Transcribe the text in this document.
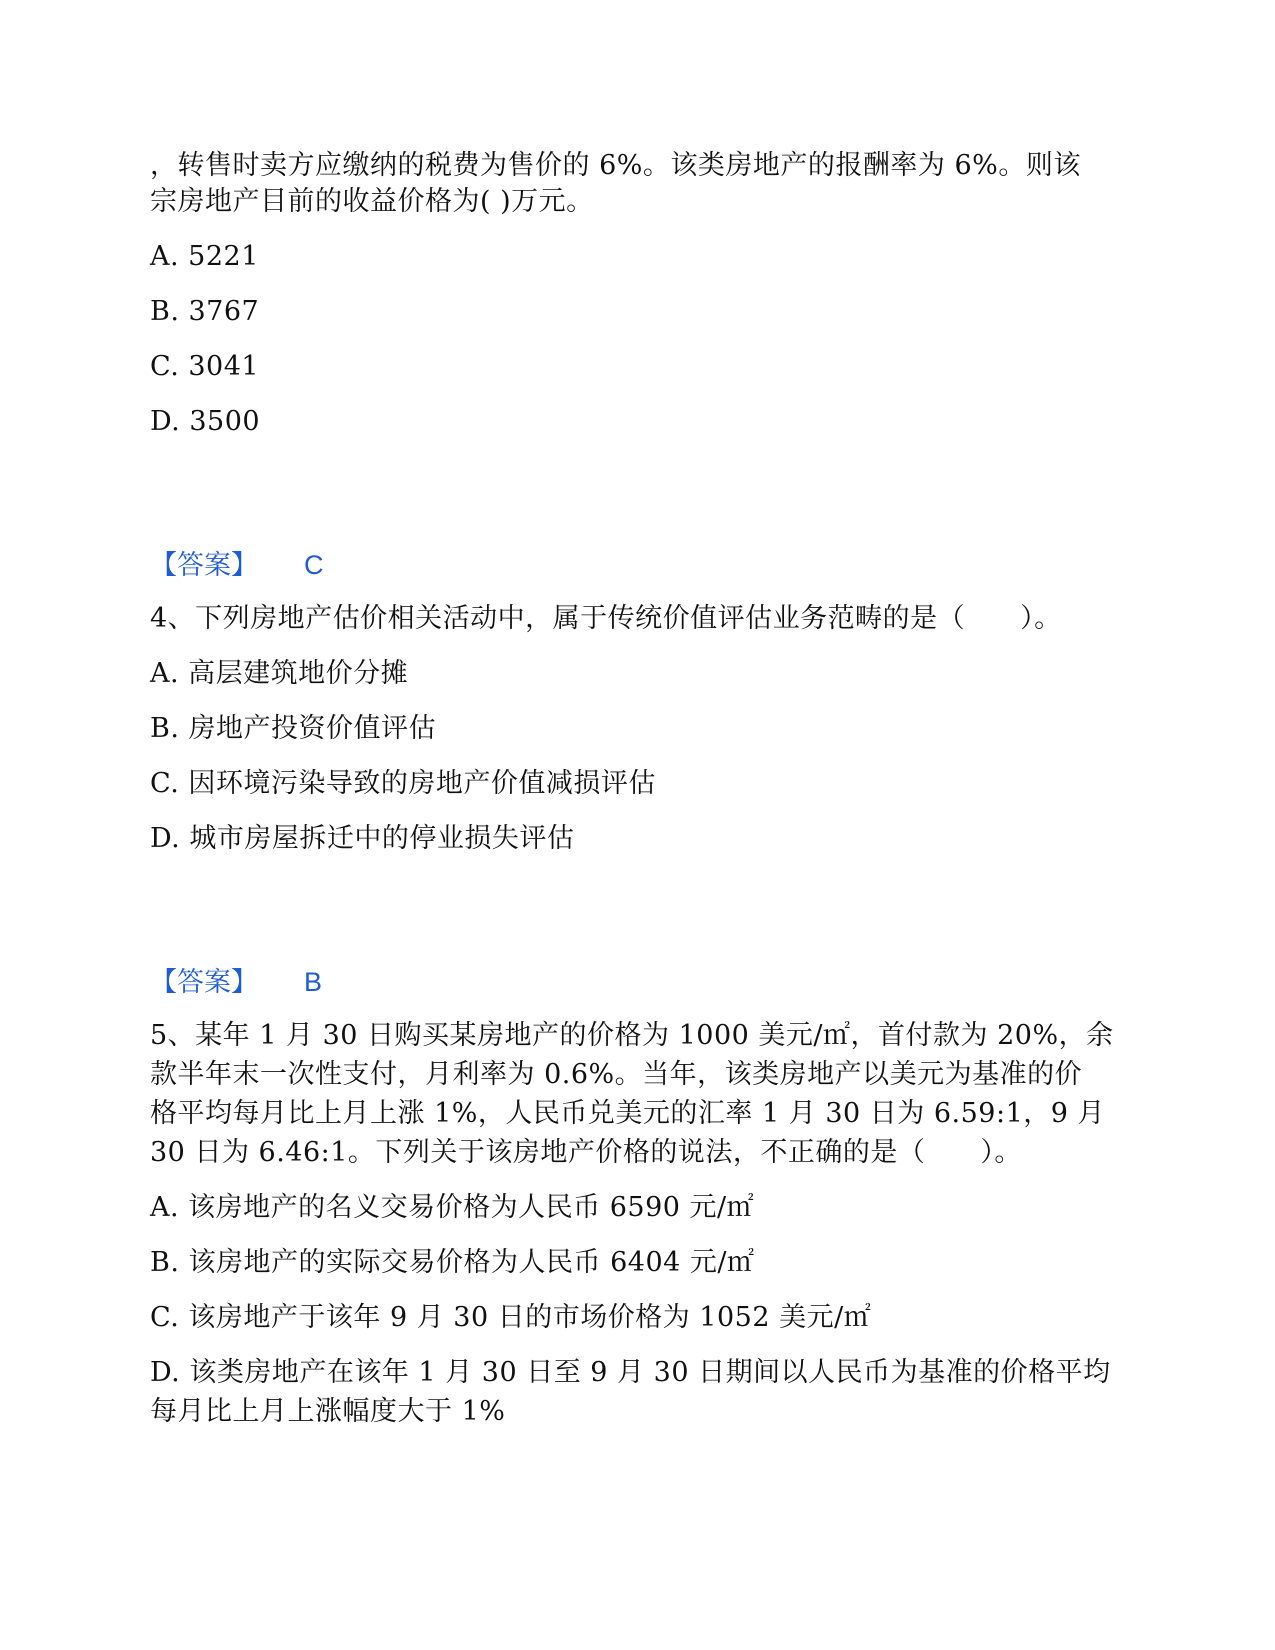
，转售时卖方应缴纳的税费为售价的 6%。该类房地产的报酬率为 6%。则该
宗房地产目前的收益价格为( )万元。
A. 5221
B. 3767
C. 3041
D. 3500
【答案】 C
4、下列房地产估价相关活动中，属于传统价值评估业务范畴的是（　　）。
A. 高层建筑地价分摊
B. 房地产投资价值评估
C. 因环境污染导致的房地产价值减损评估
D. 城市房屋拆迁中的停业损失评估
【答案】 B
5、某年 1 月 30 日购买某房地产的价格为 1000 美元/㎡，首付款为 20%，余
款半年末一次性支付，月利率为 0.6%。当年，该类房地产以美元为基准的价
格平均每月比上月上涨 1%，人民币兑美元的汇率 1 月 30 日为 6.59:1，9 月
30 日为 6.46:1。下列关于该房地产价格的说法，不正确的是（　　）。
A. 该房地产的名义交易价格为人民币 6590 元/㎡
B. 该房地产的实际交易价格为人民币 6404 元/㎡
C. 该房地产于该年 9 月 30 日的市场价格为 1052 美元/㎡
D. 该类房地产在该年 1 月 30 日至 9 月 30 日期间以人民币为基准的价格平均
每月比上月上涨幅度大于 1%
